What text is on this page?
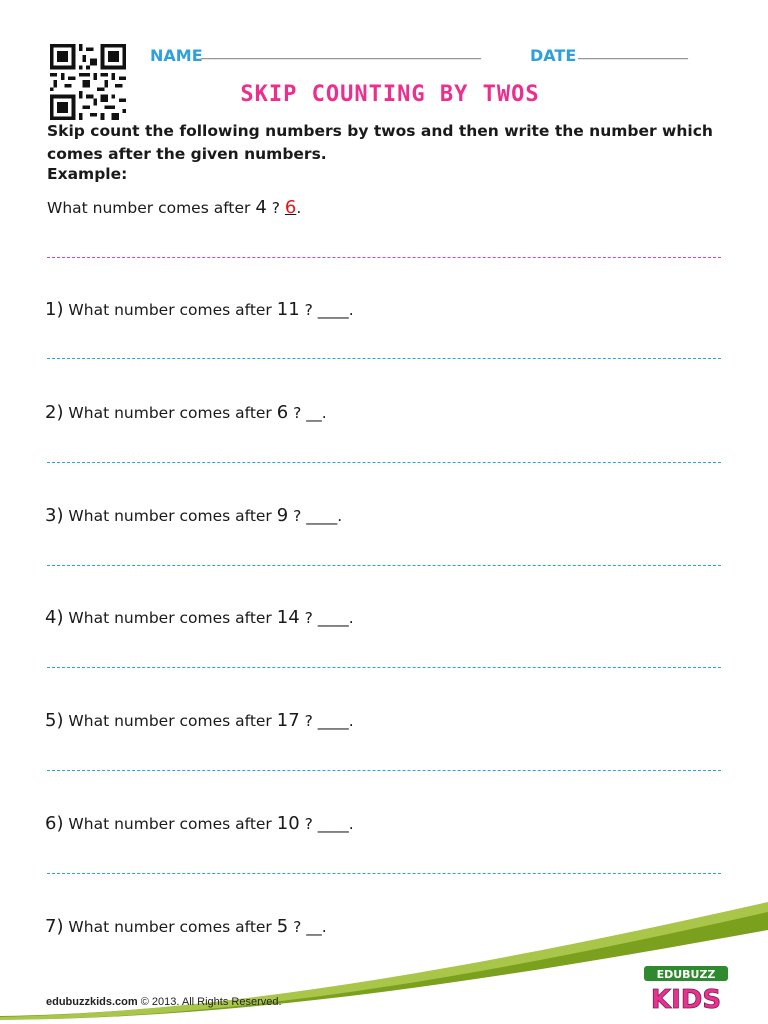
NAME
________________________________________________________	DATE ______________________
SKIP COUNTING BY TWOS
Skip count the following numbers by twos and then write the number which
comes after the given numbers.
Example:
What number comes after 4 ? 6.
1) What number comes after 11 ? ____.
2) What number comes after 6 ? __.
3) What number comes after 9 ? ____.
4) What number comes after 14 ? ____.
5) What number comes after 17 ? ____.
6) What number comes after 10 ? ____.
7) What number comes after 5 ? __.
edubuzzkids.com © 2013. All Rights Reserved.
EDUBUZZ
KIDS
